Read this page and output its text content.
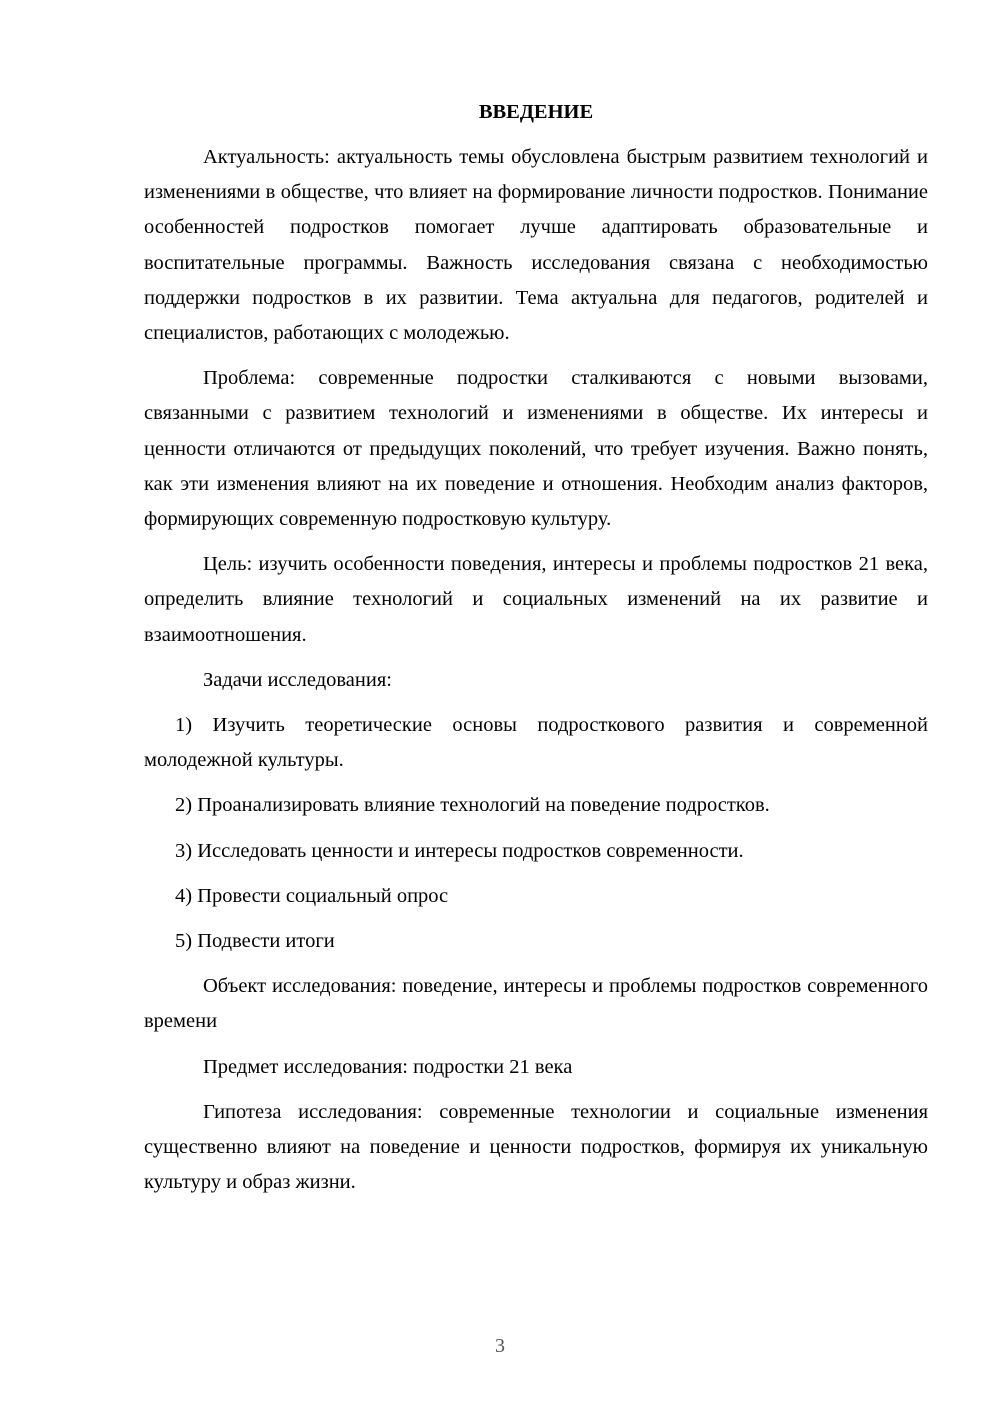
ВВЕДЕНИЕ

Актуальность: актуальность темы обусловлена быстрым развитием технологий и изменениями в обществе, что влияет на формирование личности подростков. Понимание особенностей подростков помогает лучше адаптировать образовательные и воспитательные программы. Важность исследования связана с необходимостью поддержки подростков в их развитии. Тема актуальна для педагогов, родителей и специалистов, работающих с молодежью.

Проблема: современные подростки сталкиваются с новыми вызовами, связанными с развитием технологий и изменениями в обществе. Их интересы и ценности отличаются от предыдущих поколений, что требует изучения. Важно понять, как эти изменения влияют на их поведение и отношения. Необходим анализ факторов, формирующих современную подростковую культуру.

Цель: изучить особенности поведения, интересы и проблемы подростков 21 века, определить влияние технологий и социальных изменений на их развитие и взаимоотношения.

Задачи исследования:

1) Изучить теоретические основы подросткового развития и современной молодежной культуры.

2) Проанализировать влияние технологий на поведение подростков.

3) Исследовать ценности и интересы подростков современности.

4) Провести социальный опрос

5) Подвести итоги

Объект исследования: поведение, интересы и проблемы подростков современного времени

Предмет исследования: подростки 21 века

Гипотеза исследования: современные технологии и социальные изменения существенно влияют на поведение и ценности подростков, формируя их уникальную культуру и образ жизни.

3
